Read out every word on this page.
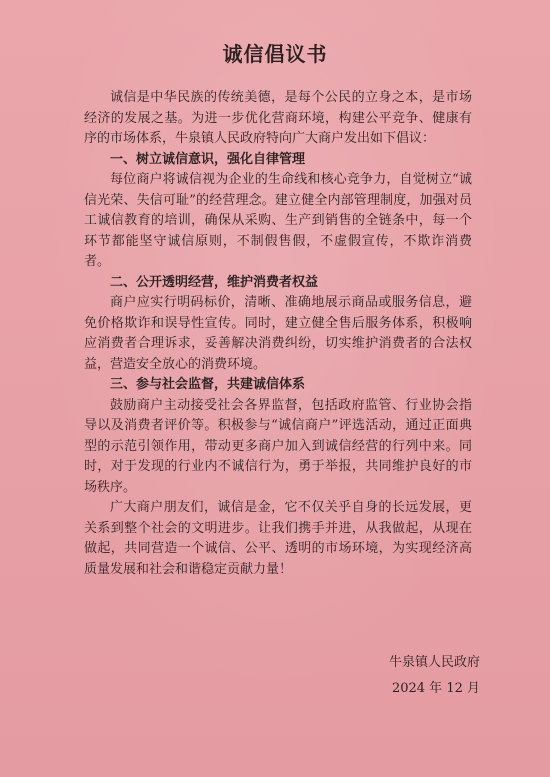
诚信倡议书

诚信是中华民族的传统美德，是每个公民的立身之本，是市场经济的发展之基。为进一步优化营商环境，构建公平竞争、健康有序的市场体系，牛泉镇人民政府特向广大商户发出如下倡议：

一、树立诚信意识，强化自律管理

每位商户将诚信视为企业的生命线和核心竞争力，自觉树立“诚信光荣、失信可耻”的经营理念。建立健全内部管理制度，加强对员工诚信教育的培训，确保从采购、生产到销售的全链条中，每一个环节都能坚守诚信原则，不制假售假，不虚假宣传，不欺诈消费者。

二、公开透明经营，维护消费者权益

商户应实行明码标价，清晰、准确地展示商品或服务信息，避免价格欺诈和误导性宣传。同时，建立健全售后服务体系，积极响应消费者合理诉求，妥善解决消费纠纷，切实维护消费者的合法权益，营造安全放心的消费环境。

三、参与社会监督，共建诚信体系

鼓励商户主动接受社会各界监督，包括政府监管、行业协会指导以及消费者评价等。积极参与“诚信商户”评选活动，通过正面典型的示范引领作用，带动更多商户加入到诚信经营的行列中来。同时，对于发现的行业内不诚信行为，勇于举报，共同维护良好的市场秩序。

广大商户朋友们，诚信是金，它不仅关乎自身的长远发展，更关系到整个社会的文明进步。让我们携手并进，从我做起，从现在做起，共同营造一个诚信、公平、透明的市场环境，为实现经济高质量发展和社会和谐稳定贡献力量！

牛泉镇人民政府
2024 年 12 月
